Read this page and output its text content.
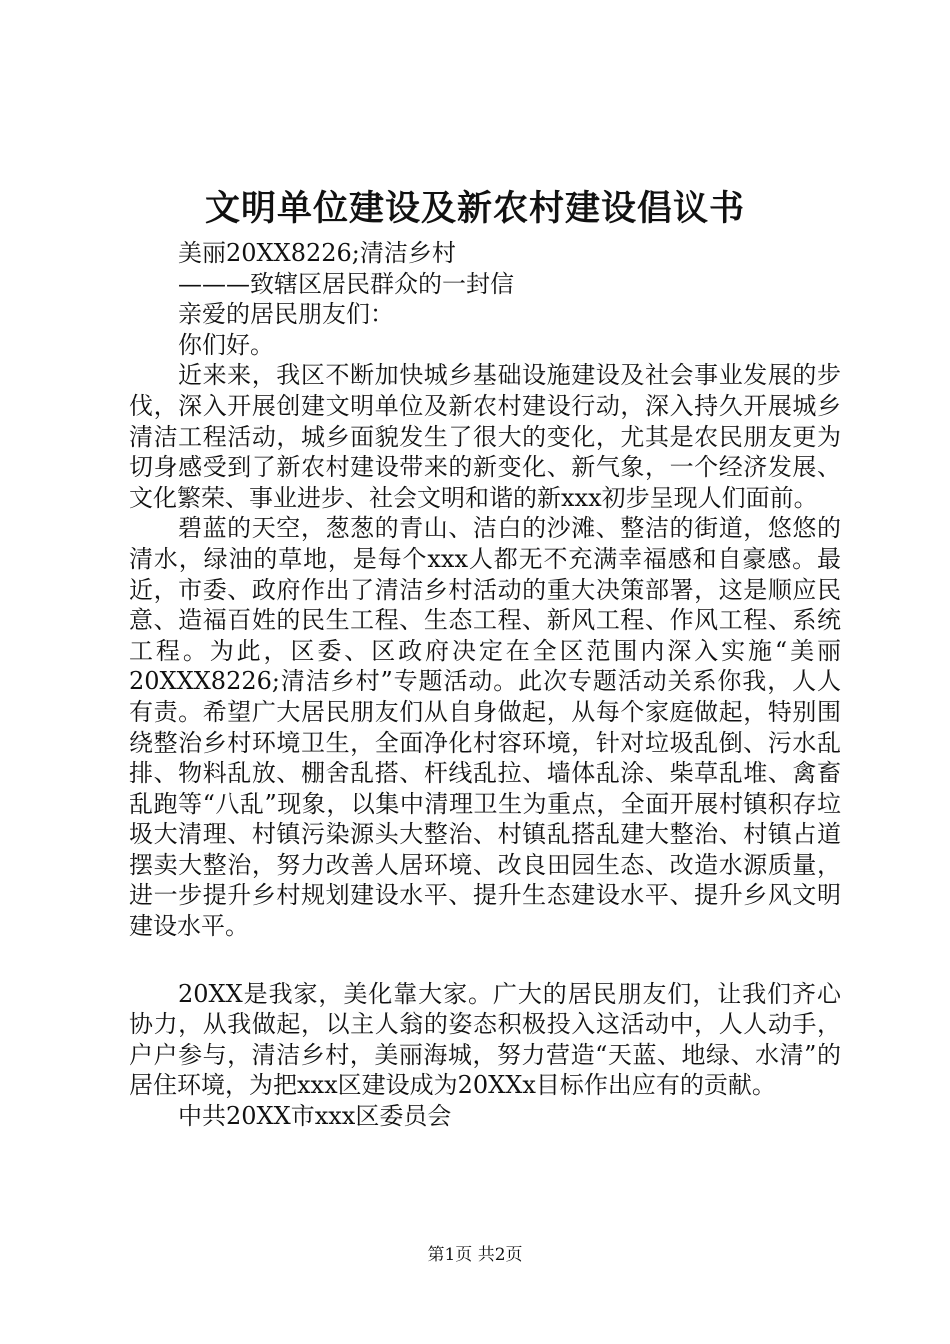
文明单位建设及新农村建设倡议书

美丽20XX8226;清洁乡村

———致辖区居民群众的一封信

亲爱的居民朋友们：

你们好。

近来来，我区不断加快城乡基础设施建设及社会事业发展的步伐，深入开展创建文明单位及新农村建设行动，深入持久开展城乡清洁工程活动，城乡面貌发生了很大的变化，尤其是农民朋友更为切身感受到了新农村建设带来的新变化、新气象，一个经济发展、文化繁荣、事业进步、社会文明和谐的新xxx初步呈现人们面前。

碧蓝的天空，葱葱的青山、洁白的沙滩、整洁的街道，悠悠的清水，绿油的草地，是每个xxx人都无不充满幸福感和自豪感。最近，市委、政府作出了清洁乡村活动的重大决策部署，这是顺应民意、造福百姓的民生工程、生态工程、新风工程、作风工程、系统工程。为此，区委、区政府决定在全区范围内深入实施“美丽20XXX8226;清洁乡村”专题活动。此次专题活动关系你我，人人有责。希望广大居民朋友们从自身做起，从每个家庭做起，特别围绕整治乡村环境卫生，全面净化村容环境，针对垃圾乱倒、污水乱排、物料乱放、棚舍乱搭、杆线乱拉、墙体乱涂、柴草乱堆、禽畜乱跑等“八乱”现象，以集中清理卫生为重点，全面开展村镇积存垃圾大清理、村镇污染源头大整治、村镇乱搭乱建大整治、村镇占道摆卖大整治，努力改善人居环境、改良田园生态、改造水源质量，进一步提升乡村规划建设水平、提升生态建设水平、提升乡风文明建设水平。

20XX是我家，美化靠大家。广大的居民朋友们，让我们齐心协力，从我做起，以主人翁的姿态积极投入这活动中，人人动手，户户参与，清洁乡村，美丽海城，努力营造“天蓝、地绿、水清”的居住环境，为把xxx区建设成为20XXx目标作出应有的贡献。

中共20XX市xxx区委员会

第1页 共2页
